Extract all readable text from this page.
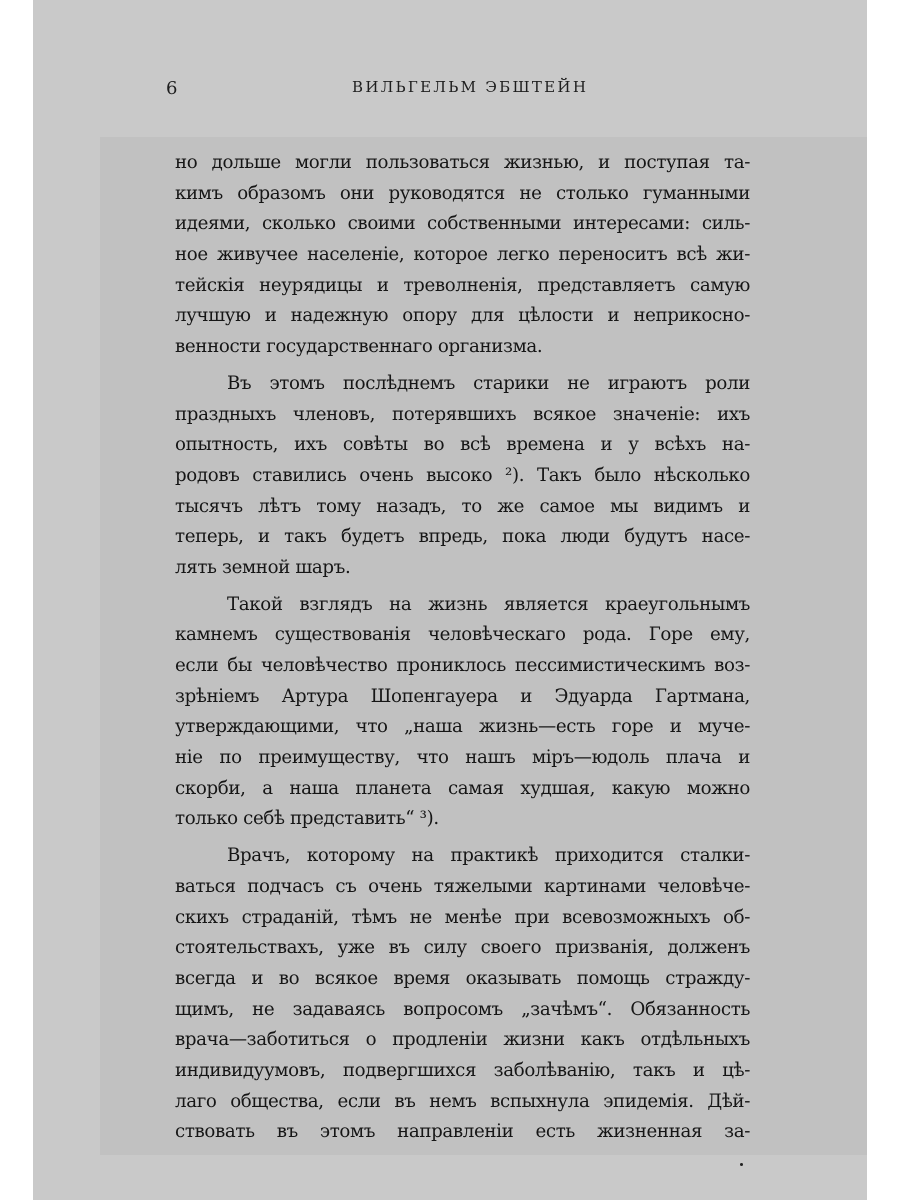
6	ВИЛЬГЕЛЬМ ЭБШТЕЙН
но дольше могли пользоваться жизнью, и поступая та-
кимъ образомъ они руководятся не столько гуманными
идеями, сколько своими собственными интересами: силь-
ное живучее населеніе, которое легко переноситъ всѣ жи-
тейскія неурядицы и треволненія, представляетъ самую
лучшую и надежную опору для цѣлости и неприкосно-
венности государственнаго организма.
Въ этомъ послѣднемъ старики не играютъ роли
праздныхъ членовъ, потерявшихъ всякое значеніе: ихъ
опытность, ихъ совѣты во всѣ времена и у всѣхъ на-
родовъ ставились очень высоко ²). Такъ было нѣсколько
тысячъ лѣтъ тому назадъ, то же самое мы видимъ и
теперь, и такъ будетъ впредь, пока люди будутъ насе-
лять земной шаръ.
Такой взглядъ на жизнь является краеугольнымъ
камнемъ существованія человѣческаго рода. Горе ему,
если бы человѣчество прониклось пессимистическимъ воз-
зрѣніемъ Артура Шопенгауера и Эдуарда Гартмана,
утверждающими, что „наша жизнь—есть горе и муче-
ніе по преимуществу, что нашъ міръ—юдоль плача и
скорби, а наша планета самая худшая, какую можно
только себѣ представить“ ³).
Врачъ, которому на практикѣ приходится сталки-
ваться подчасъ съ очень тяжелыми картинами человѣче-
скихъ страданій, тѣмъ не менѣе при всевозможныхъ об-
стоятельствахъ, уже въ силу своего призванія, долженъ
всегда и во всякое время оказывать помощь стражду-
щимъ, не задаваясь вопросомъ „зачѣмъ“. Обязанность
врача—заботиться о продленіи жизни какъ отдѣльныхъ
индивидуумовъ, подвергшихся заболѣванію, такъ и цѣ-
лаго общества, если въ немъ вспыхнула эпидемія. Дѣй-
ствовать въ этомъ направленіи есть жизненная за-
